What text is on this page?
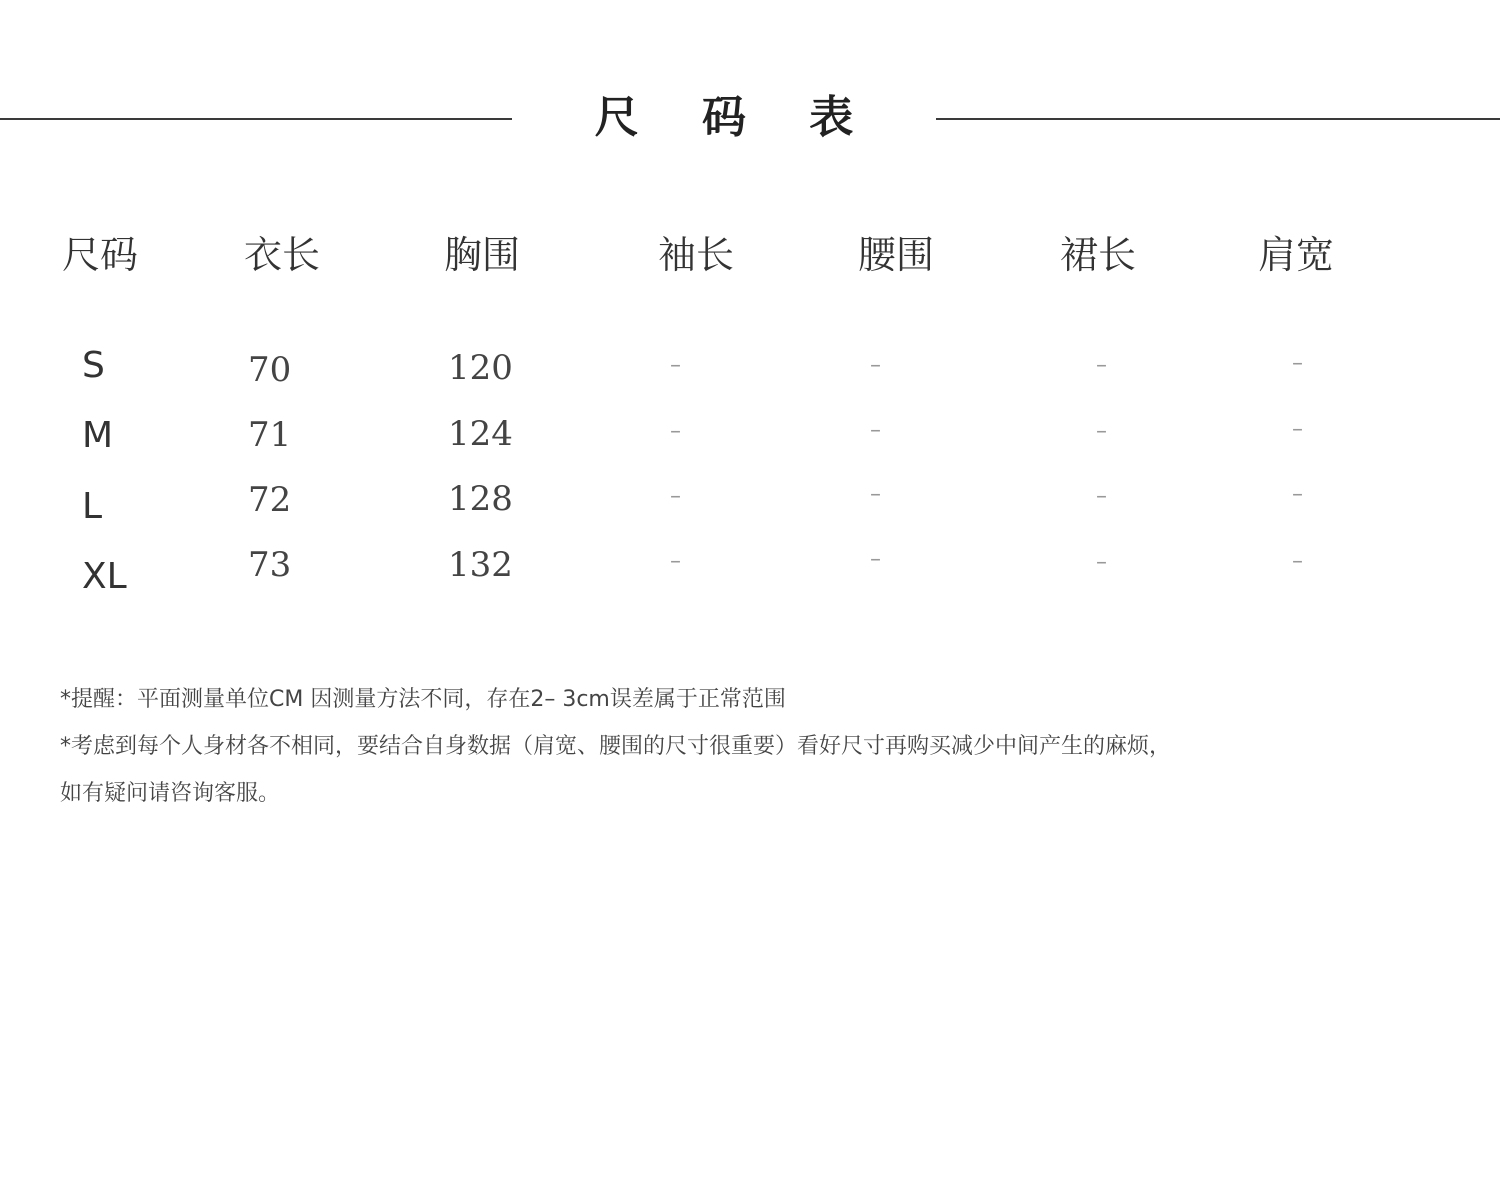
尺 码 表
尺码	衣长	胸围	袖长	腰围	裙长	肩宽
S	70	120	–	–	–	–
M	71	124	–	–	–	–
L	72	128	–	–	–	–
XL	73	132	–	–	–	–

*提醒：平面测量单位CM 因测量方法不同，存在2– 3cm误差属于正常范围

*考虑到每个人身材各不相同，要结合自身数据（肩宽、腰围的尺寸很重要）看好尺寸再购买减少中间产生的麻烦，

如有疑问请咨询客服。
